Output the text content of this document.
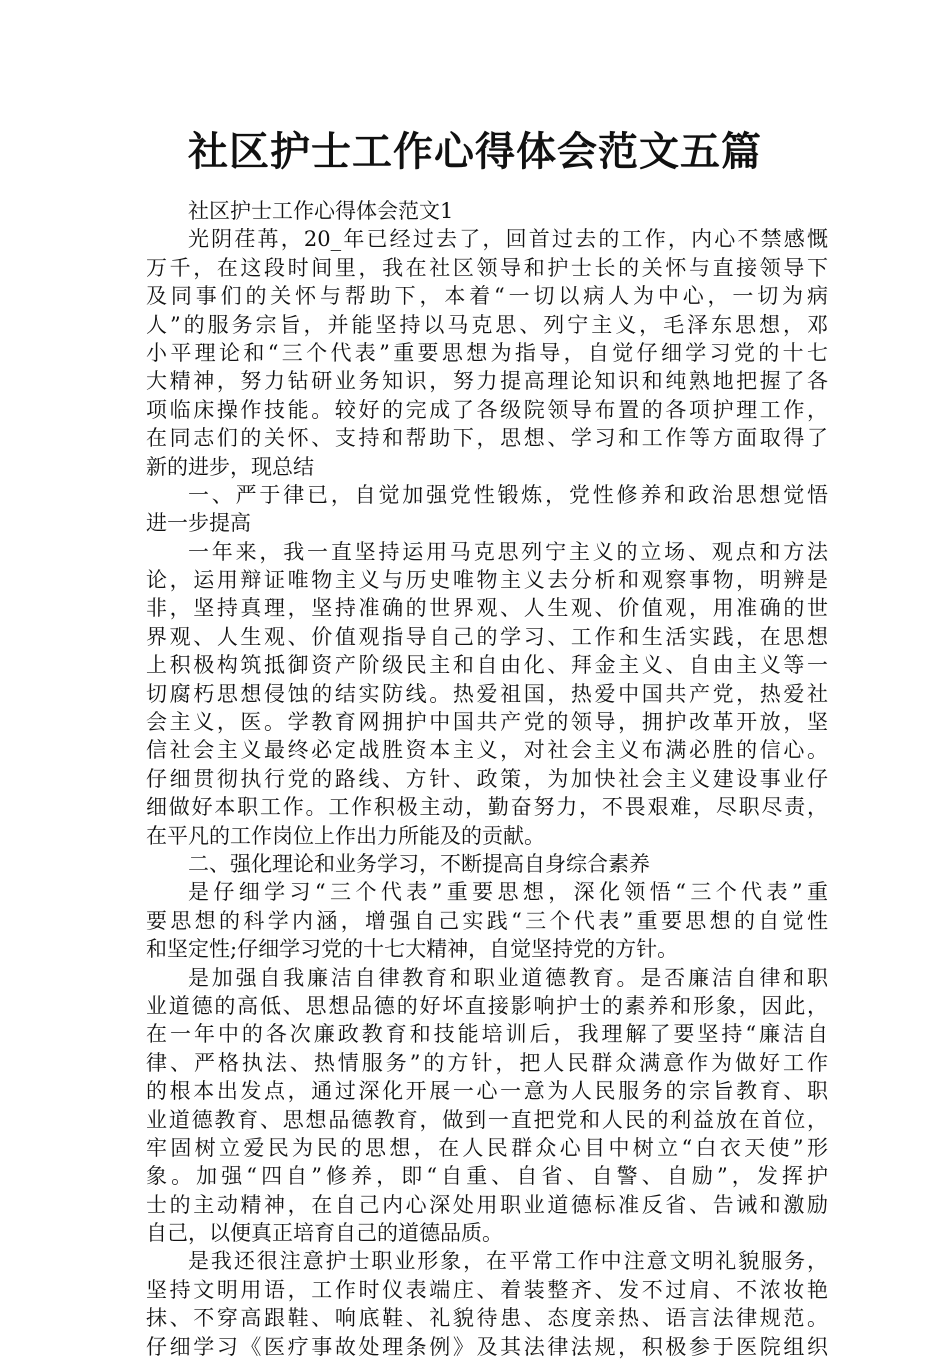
社区护士工作心得体会范文五篇
社区护士工作心得体会范文1
光阴荏苒，20_年已经过去了，回首过去的工作，内心不禁感慨
万千，在这段时间里，我在社区领导和护士长的关怀与直接领导下
及同事们的关怀与帮助下，本着“一切以病人为中心，一切为病
人”的服务宗旨，并能坚持以马克思、列宁主义，毛泽东思想，邓
小平理论和“三个代表”重要思想为指导，自觉仔细学习党的十七
大精神，努力钻研业务知识，努力提高理论知识和纯熟地把握了各
项临床操作技能。较好的完成了各级院领导布置的各项护理工作，
在同志们的关怀、支持和帮助下，思想、学习和工作等方面取得了
新的进步，现总结
一、严于律已，自觉加强党性锻炼，党性修养和政治思想觉悟
进一步提高
一年来，我一直坚持运用马克思列宁主义的立场、观点和方法
论，运用辩证唯物主义与历史唯物主义去分析和观察事物，明辨是
非，坚持真理，坚持准确的世界观、人生观、价值观，用准确的世
界观、人生观、价值观指导自己的学习、工作和生活实践，在思想
上积极构筑抵御资产阶级民主和自由化、拜金主义、自由主义等一
切腐朽思想侵蚀的结实防线。热爱祖国，热爱中国共产党，热爱社
会主义，医。学教育网拥护中国共产党的领导，拥护改革开放，坚
信社会主义最终必定战胜资本主义，对社会主义布满必胜的信心。
仔细贯彻执行党的路线、方针、政策，为加快社会主义建设事业仔
细做好本职工作。工作积极主动，勤奋努力，不畏艰难，尽职尽责，
在平凡的工作岗位上作出力所能及的贡献。
二、强化理论和业务学习，不断提高自身综合素养
是仔细学习“三个代表”重要思想，深化领悟“三个代表”重
要思想的科学内涵，增强自己实践“三个代表”重要思想的自觉性
和坚定性;仔细学习党的十七大精神，自觉坚持党的方针。
是加强自我廉洁自律教育和职业道德教育。是否廉洁自律和职
业道德的高低、思想品德的好坏直接影响护士的素养和形象，因此，
在一年中的各次廉政教育和技能培训后，我理解了要坚持“廉洁自
律、严格执法、热情服务”的方针，把人民群众满意作为做好工作
的根本出发点，通过深化开展一心一意为人民服务的宗旨教育、职
业道德教育、思想品德教育，做到一直把党和人民的利益放在首位，
牢固树立爱民为民的思想，在人民群众心目中树立“白衣天使”形
象。加强“四自”修养，即“自重、自省、自警、自励”，发挥护
士的主动精神，在自己内心深处用职业道德标准反省、告诫和激励
自己，以便真正培育自己的道德品质。
是我还很注意护士职业形象，在平常工作中注意文明礼貌服务，
坚持文明用语，工作时仪表端庄、着装整齐、发不过肩、不浓妆艳
抹、不穿高跟鞋、响底鞋、礼貌待患、态度亲热、语言法律规范。
仔细学习《医疗事故处理条例》及其法律法规，积极参于医院组织
